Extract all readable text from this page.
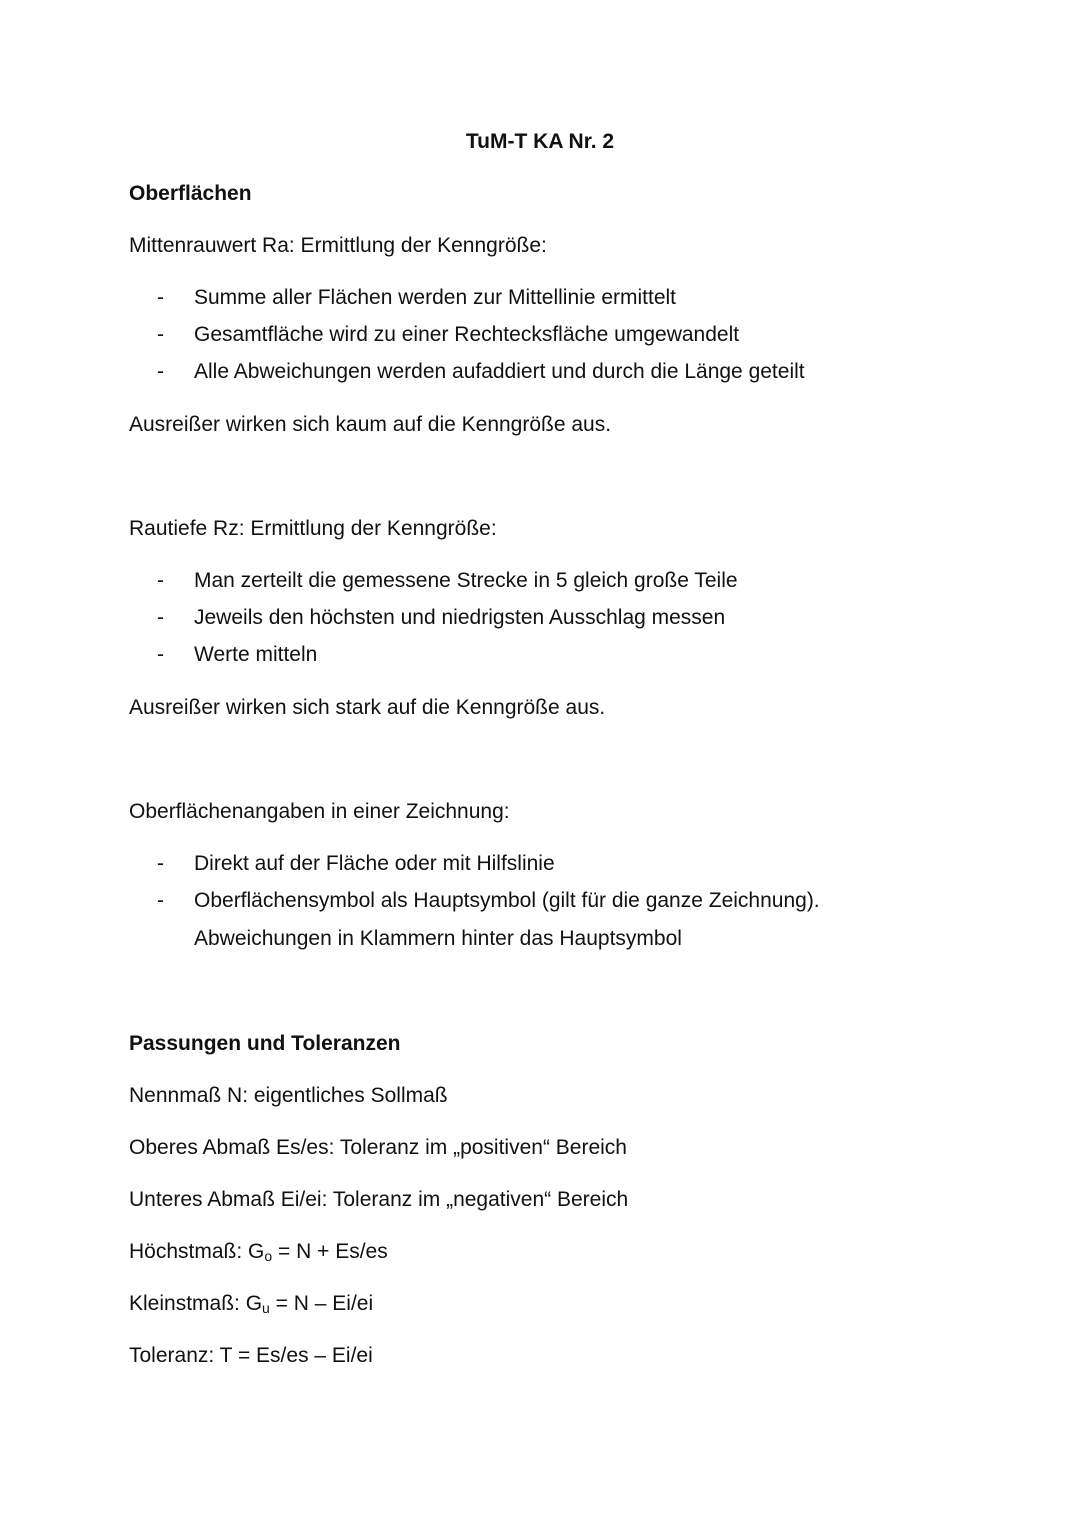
TuM-T KA Nr. 2
Oberflächen
Mittenrauwert Ra: Ermittlung der Kenngröße:
- Summe aller Flächen werden zur Mittellinie ermittelt
- Gesamtfläche wird zu einer Rechtecksfläche umgewandelt
- Alle Abweichungen werden aufaddiert und durch die Länge geteilt
Ausreißer wirken sich kaum auf die Kenngröße aus.
Rautiefe Rz: Ermittlung der Kenngröße:
- Man zerteilt die gemessene Strecke in 5 gleich große Teile
- Jeweils den höchsten und niedrigsten Ausschlag messen
- Werte mitteln
Ausreißer wirken sich stark auf die Kenngröße aus.
Oberflächenangaben in einer Zeichnung:
- Direkt auf der Fläche oder mit Hilfslinie
- Oberflächensymbol als Hauptsymbol (gilt für die ganze Zeichnung).
Abweichungen in Klammern hinter das Hauptsymbol
Passungen und Toleranzen
Nennmaß N: eigentliches Sollmaß
Oberes Abmaß Es/es: Toleranz im „positiven“ Bereich
Unteres Abmaß Ei/ei: Toleranz im „negativen“ Bereich
Höchstmaß: $G_o = N + Es/es$
Kleinstmaß: $G_u = N - Ei/ei$
Toleranz: T = Es/es – Ei/ei
